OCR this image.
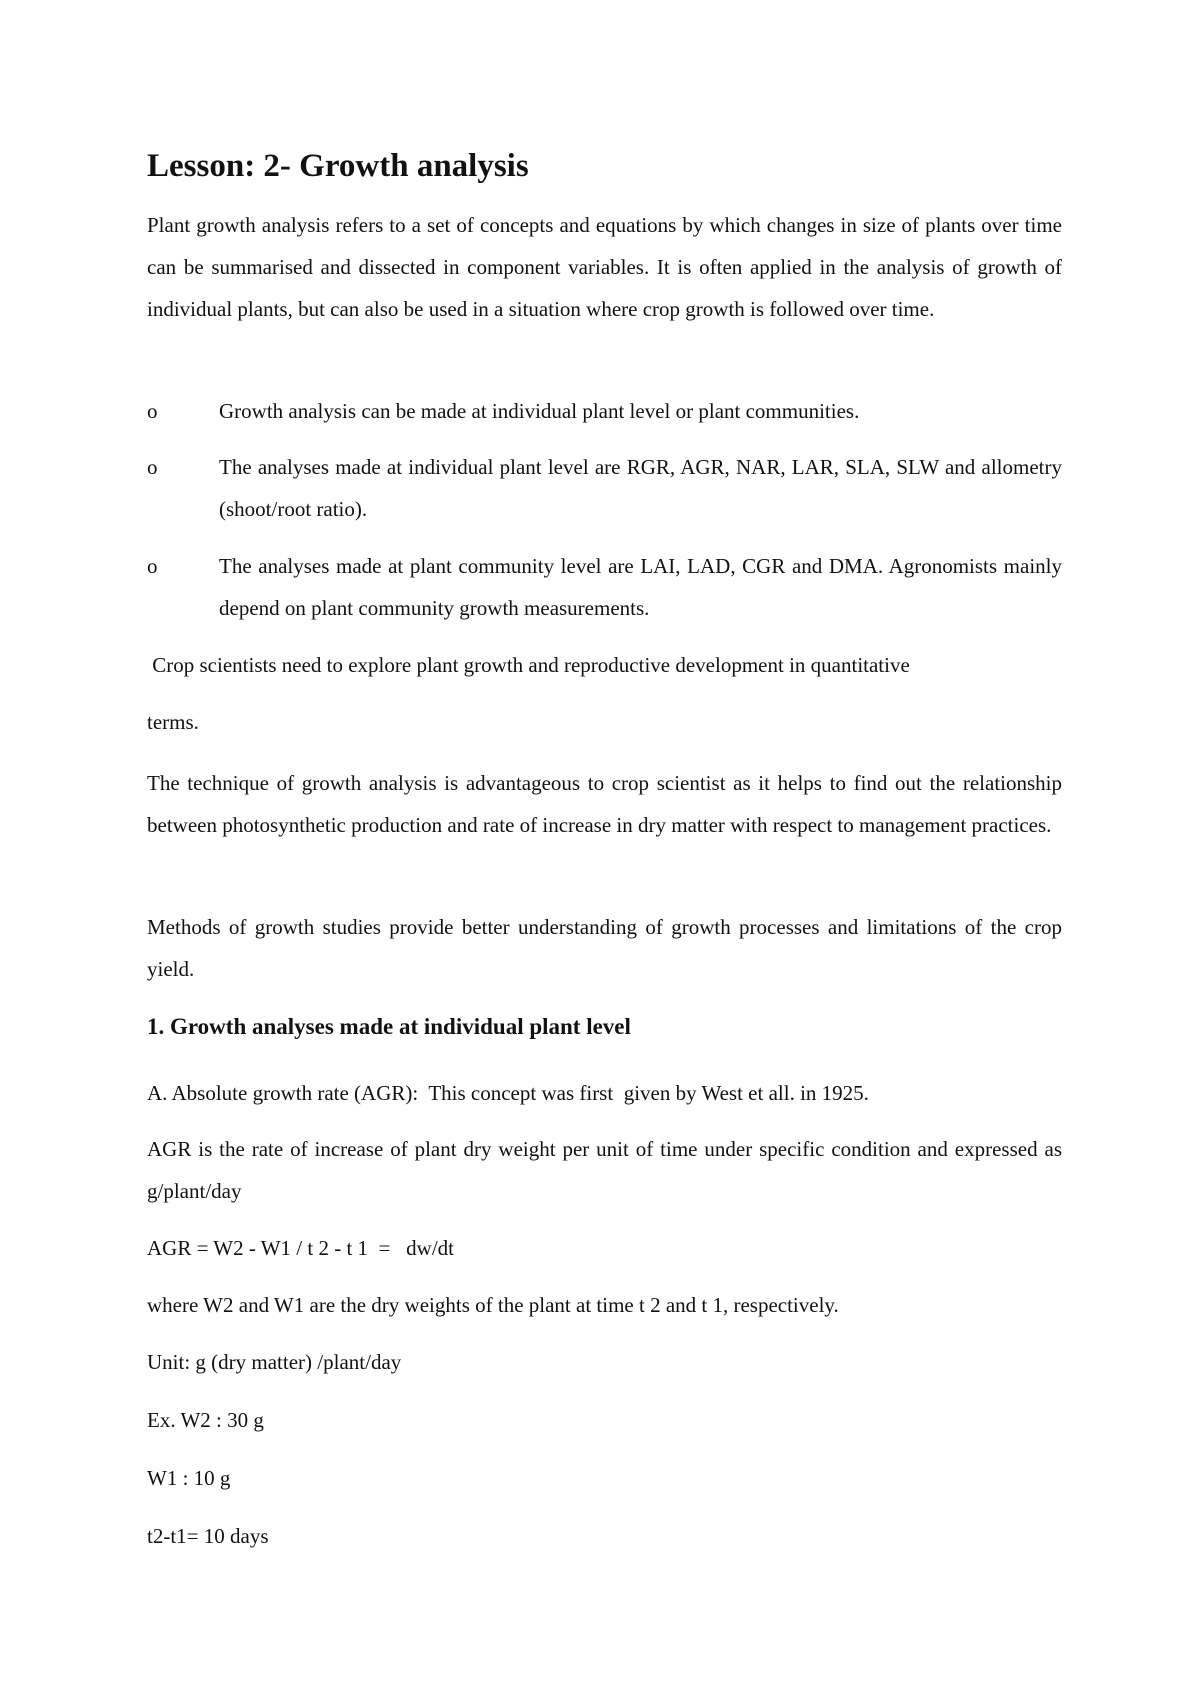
Lesson: 2- Growth analysis

Plant growth analysis refers to a set of concepts and equations by which changes in size of plants over time can be summarised and dissected in component variables. It is often applied in the analysis of growth of individual plants, but can also be used in a situation where crop growth is followed over time.

o	Growth analysis can be made at individual plant level or plant communities.
o	The analyses made at individual plant level are RGR, AGR, NAR, LAR, SLA, SLW and allometry (shoot/root ratio).
o	The analyses made at plant community level are LAI, LAD, CGR and DMA. Agronomists mainly depend on plant community growth measurements.

Crop scientists need to explore plant growth and reproductive development in quantitative

terms.

The technique of growth analysis is advantageous to crop scientist as it helps to find out the relationship between photosynthetic production and rate of increase in dry matter with respect to management practices.

Methods of growth studies provide better understanding of growth processes and limitations of the crop yield.

1. Growth analyses made at individual plant level

A. Absolute growth rate (AGR):  This concept was first  given by West et all. in 1925.

AGR is the rate of increase of plant dry weight per unit of time under specific condition and expressed as g/plant/day

AGR = W2 - W1 / t 2 - t 1  =   dw/dt

where W2 and W1 are the dry weights of the plant at time t 2 and t 1, respectively.

Unit: g (dry matter) /plant/day

Ex. W2 : 30 g

W1 : 10 g

t2-t1= 10 days
